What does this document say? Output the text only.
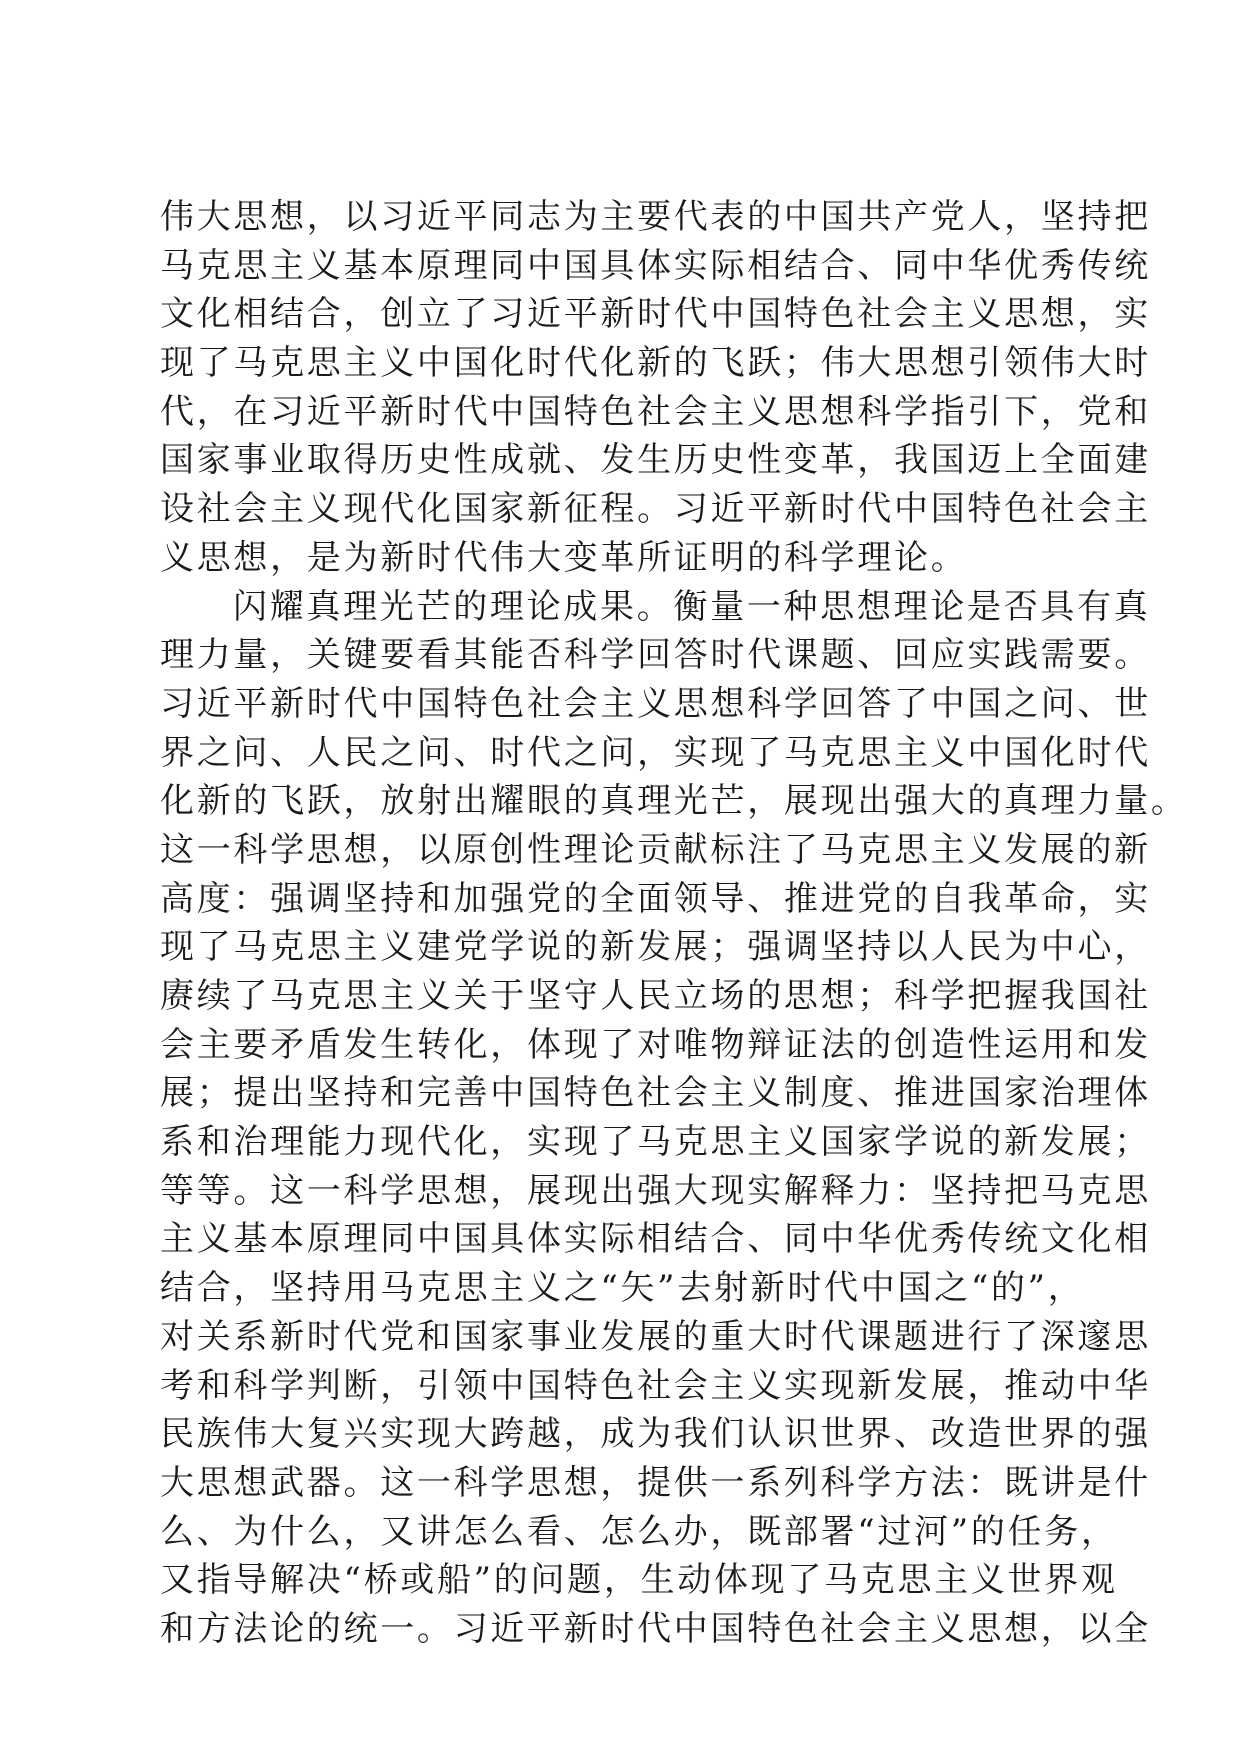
伟大思想，以习近平同志为主要代表的中国共产党人，坚持把
马克思主义基本原理同中国具体实际相结合、同中华优秀传统
文化相结合，创立了习近平新时代中国特色社会主义思想，实
现了马克思主义中国化时代化新的飞跃；伟大思想引领伟大时
代，在习近平新时代中国特色社会主义思想科学指引下，党和
国家事业取得历史性成就、发生历史性变革，我国迈上全面建
设社会主义现代化国家新征程。习近平新时代中国特色社会主
义思想，是为新时代伟大变革所证明的科学理论。
闪耀真理光芒的理论成果。衡量一种思想理论是否具有真
理力量，关键要看其能否科学回答时代课题、回应实践需要。
习近平新时代中国特色社会主义思想科学回答了中国之问、世
界之问、人民之问、时代之问，实现了马克思主义中国化时代
化新的飞跃，放射出耀眼的真理光芒，展现出强大的真理力量。
这一科学思想，以原创性理论贡献标注了马克思主义发展的新
高度：强调坚持和加强党的全面领导、推进党的自我革命，实
现了马克思主义建党学说的新发展；强调坚持以人民为中心，
赓续了马克思主义关于坚守人民立场的思想；科学把握我国社
会主要矛盾发生转化，体现了对唯物辩证法的创造性运用和发
展；提出坚持和完善中国特色社会主义制度、推进国家治理体
系和治理能力现代化，实现了马克思主义国家学说的新发展；
等等。这一科学思想，展现出强大现实解释力：坚持把马克思
主义基本原理同中国具体实际相结合、同中华优秀传统文化相
结合，坚持用马克思主义之“矢”去射新时代中国之“的”，
对关系新时代党和国家事业发展的重大时代课题进行了深邃思
考和科学判断，引领中国特色社会主义实现新发展，推动中华
民族伟大复兴实现大跨越，成为我们认识世界、改造世界的强
大思想武器。这一科学思想，提供一系列科学方法：既讲是什
么、为什么，又讲怎么看、怎么办，既部署“过河”的任务，
又指导解决“桥或船”的问题，生动体现了马克思主义世界观
和方法论的统一。习近平新时代中国特色社会主义思想，以全
